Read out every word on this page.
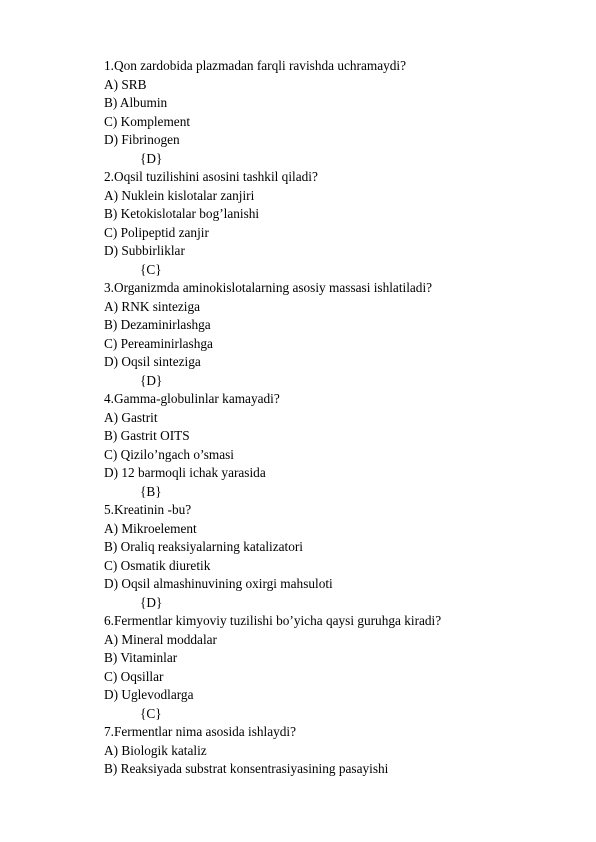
1.Qon zardobida plazmadan farqli ravishda uchramaydi?
A) SRB
B) Albumin
C) Komplement
D) Fibrinogen
{D}
2.Oqsil tuzilishini asosini tashkil qiladi?
A) Nuklein kislotalar zanjiri
B) Ketokislotalar bog’lanishi
C) Polipeptid zanjir
D) Subbirliklar
{C}
3.Organizmda aminokislotalarning asosiy massasi ishlatiladi?
A) RNK sinteziga
B) Dezaminirlashga
C) Pereaminirlashga
D) Oqsil sinteziga
{D}
4.Gamma-globulinlar kamayadi?
A) Gastrit
B) Gastrit OITS
C) Qizilo’ngach o’smasi
D) 12 barmoqli ichak yarasida
{B}
5.Kreatinin -bu?
A) Mikroelement
B) Oraliq reaksiyalarning katalizatori
C) Osmatik diuretik
D) Oqsil almashinuvining oxirgi mahsuloti
{D}
6.Fermentlar kimyoviy tuzilishi bo’yicha qaysi guruhga kiradi?
A) Mineral moddalar
B) Vitaminlar
C) Oqsillar
D) Uglevodlarga
{C}
7.Fermentlar nima asosida ishlaydi?
A) Biologik kataliz
B) Reaksiyada substrat konsentrasiyasining pasayishi
